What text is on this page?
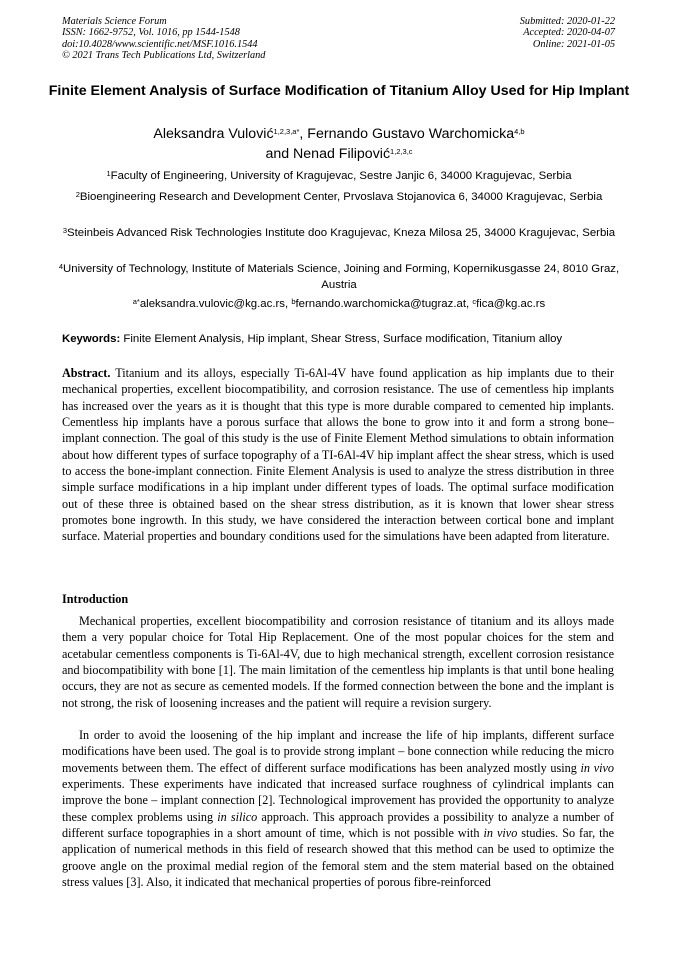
Materials Science Forum
ISSN: 1662-9752, Vol. 1016, pp 1544-1548
doi:10.4028/www.scientific.net/MSF.1016.1544
© 2021 Trans Tech Publications Ltd, Switzerland
Submitted: 2020-01-22
Accepted: 2020-04-07
Online: 2021-01-05
Finite Element Analysis of Surface Modification of Titanium Alloy Used for Hip Implant
Aleksandra Vulović$^{1,2,3,a*}$, Fernando Gustavo Warchomicka$^{4,b}$
and Nenad Filipović$^{1,2,3,c}$
$^1$Faculty of Engineering, University of Kragujevac, Sestre Janjic 6, 34000 Kragujevac, Serbia
$^2$Bioengineering Research and Development Center, Prvoslava Stojanovica 6, 34000 Kragujevac, Serbia
$^3$Steinbeis Advanced Risk Technologies Institute doo Kragujevac, Kneza Milosa 25, 34000 Kragujevac, Serbia
$^4$University of Technology, Institute of Materials Science, Joining and Forming, Kopernikusgasse 24, 8010 Graz, Austria
$^{a*}$aleksandra.vulovic@kg.ac.rs, $^b$fernando.warchomicka@tugraz.at, $^c$fica@kg.ac.rs
Keywords: Finite Element Analysis, Hip implant, Shear Stress, Surface modification, Titanium alloy

Abstract. Titanium and its alloys, especially Ti-6Al-4V have found application as hip implants due to their mechanical properties, excellent biocompatibility, and corrosion resistance. The use of cementless hip implants has increased over the years as it is thought that this type is more durable compared to cemented hip implants. Cementless hip implants have a porous surface that allows the bone to grow into it and form a strong bone–implant connection. The goal of this study is the use of Finite Element Method simulations to obtain information about how different types of surface topography of a TI-6Al-4V hip implant affect the shear stress, which is used to access the bone-implant connection. Finite Element Analysis is used to analyze the stress distribution in three simple surface modifications in a hip implant under different types of loads. The optimal surface modification out of these three is obtained based on the shear stress distribution, as it is known that lower shear stress promotes bone ingrowth. In this study, we have considered the interaction between cortical bone and implant surface. Material properties and boundary conditions used for the simulations have been adapted from literature.

Introduction

Mechanical properties, excellent biocompatibility and corrosion resistance of titanium and its alloys made them a very popular choice for Total Hip Replacement. One of the most popular choices for the stem and acetabular cementless components is Ti-6Al-4V, due to high mechanical strength, excellent corrosion resistance and biocompatibility with bone [1]. The main limitation of the cementless hip implants is that until bone healing occurs, they are not as secure as cemented models. If the formed connection between the bone and the implant is not strong, the risk of loosening increases and the patient will require a revision surgery.

In order to avoid the loosening of the hip implant and increase the life of hip implants, different surface modifications have been used. The goal is to provide strong implant – bone connection while reducing the micro movements between them. The effect of different surface modifications has been analyzed mostly using in vivo experiments. These experiments have indicated that increased surface roughness of cylindrical implants can improve the bone – implant connection [2]. Technological improvement has provided the opportunity to analyze these complex problems using in silico approach. This approach provides a possibility to analyze a number of different surface topographies in a short amount of time, which is not possible with in vivo studies. So far, the application of numerical methods in this field of research showed that this method can be used to optimize the groove angle on the proximal medial region of the femoral stem and the stem material based on the obtained stress values [3]. Also, it indicated that mechanical properties of porous fibre-reinforced
